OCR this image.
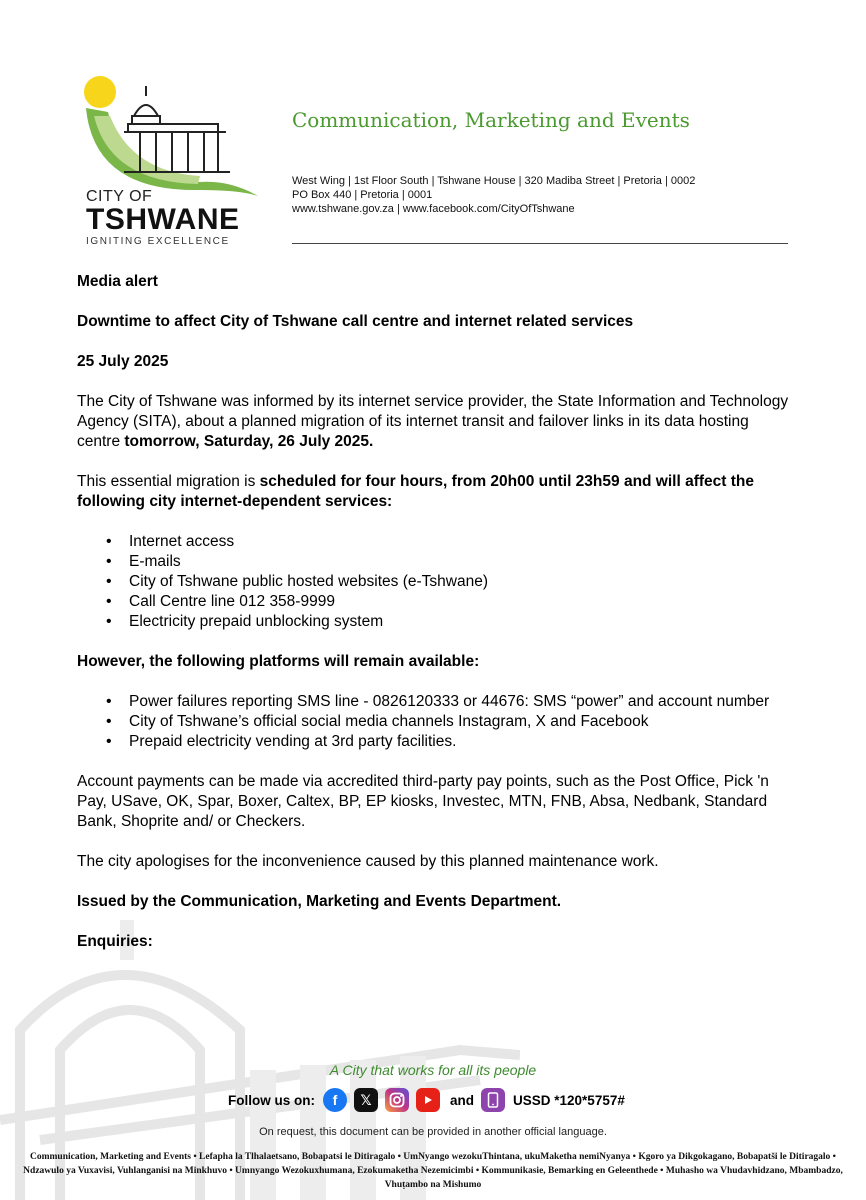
CITY OF
TSHWANE
IGNITING EXCELLENCE
Communication, Marketing and Events
West Wing | 1st Floor South | Tshwane House | 320 Madiba Street | Pretoria | 0002
PO Box 440 | Pretoria | 0001
www.tshwane.gov.za | www.facebook.com/CityOfTshwane

Media alert

Downtime to affect City of Tshwane call centre and internet related services

25 July 2025

The City of Tshwane was informed by its internet service provider, the State Information and Technology Agency (SITA), about a planned migration of its internet transit and failover links in its data hosting centre tomorrow, Saturday, 26 July 2025.

This essential migration is scheduled for four hours, from 20h00 until 23h59 and will affect the following city internet-dependent services:

• Internet access
• E-mails
• City of Tshwane public hosted websites (e-Tshwane)
• Call Centre line 012 358-9999
• Electricity prepaid unblocking system

However, the following platforms will remain available:

• Power failures reporting SMS line - 0826120333 or 44676: SMS “power” and account number
• City of Tshwane’s official social media channels Instagram, X and Facebook
• Prepaid electricity vending at 3rd party facilities.

Account payments can be made via accredited third-party pay points, such as the Post Office, Pick 'n Pay, USave, OK, Spar, Boxer, Caltex, BP, EP kiosks, Investec, MTN, FNB, Absa, Nedbank, Standard Bank, Shoprite and/ or Checkers.

The city apologises for the inconvenience caused by this planned maintenance work.

Issued by the Communication, Marketing and Events Department.

Enquiries:

A City that works for all its people
Follow us on:	f	𝕏	and	USSD *120*5757#
On request, this document can be provided in another official language.
Communication, Marketing and Events • Lefapha la Tlhalaetsano, Bobapatsi le Ditiragalo • UmNyango wezokuThintana, ukuMaketha nemiNyanya • Kgoro ya Dikgokagano, Bobapatši le Ditiragalo • Ndzawulo ya Vuxavisi, Vuhlanganisi na Minkhuvo • Umnyango Wezokuxhumana, Ezokumaketha Nezemicimbi • Kommunikasie, Bemarking en Geleenthede • Muhasho wa Vhudavhidzano, Mbambadzo, Vhuṭambo na Mishumo
